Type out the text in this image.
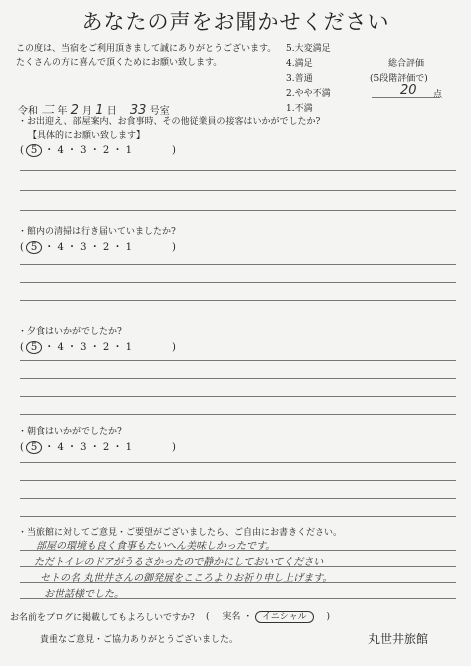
あなたの声をお聞かせください
この度は、当宿をご利用頂きまして誠にありがとうございます。
たくさんの方に喜んで頂くためにお願い致します。
5.大変満足
4.満足
3.普通
2.やや不満
1.不満
総合評価
(5段階評価で)
20 点
令和 二 年 2 月 1 日 33 号室
・お出迎え、部屋案内、お食事時、その他従業員の接客はいかがでしたか?
【具体的にお願い致します】
( 5 ・ 4 ・ 3 ・ 2 ・ 1	)
・館内の清掃は行き届いていましたか?
( 5 ・ 4 ・ 3 ・ 2 ・ 1	)
・夕食はいかがでしたか?
( 5 ・ 4 ・ 3 ・ 2 ・ 1	)
・朝食はいかがでしたか?
( 5 ・ 4 ・ 3 ・ 2 ・ 1	)
・当旅館に対してご意見・ご要望がございましたら、ご自由にお書きください。
部屋の環境も良く食事もたいへん美味しかったです。
ただトイレのドアがうるさかったので静かにしておいてください
セトの名 丸世井さんの御発展をこころよりお祈り申し上げます。
お世話様でした。
お名前をブログに掲載してもよろしいですか? ( 実名 ・ イニシャル )
貴重なご意見・ご協力ありがとうございました。	丸世井旅館
